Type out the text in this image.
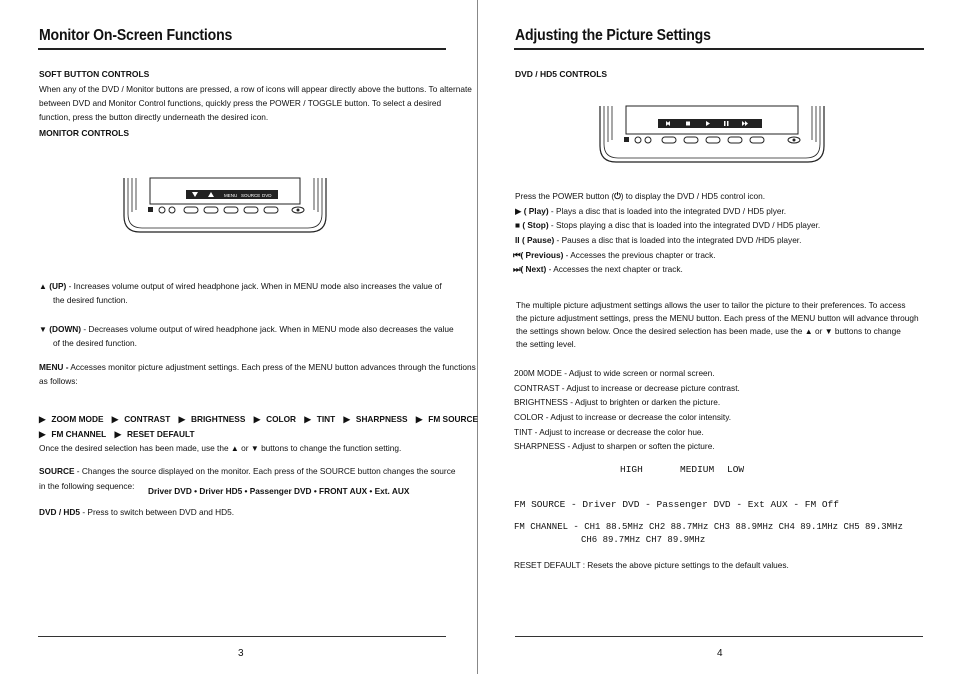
Monitor On-Screen Functions
SOFT BUTTON CONTROLS
When any of the DVD / Monitor buttons are pressed, a row of icons will appear directly above the buttons. To alternate
between DVD and Monitor Control functions, quickly press the POWER / TOGGLE button. To select a desired
function, press the button directly underneath the desired icon.
MONITOR CONTROLS
MENU SOURCE DVD
▲ (UP) - Increases volume output of wired headphone jack. When in MENU mode also increases the value of
the desired function.
▼ (DOWN) - Decreases volume output of wired headphone jack. When in MENU mode also decreases the value
of the desired function.
MENU - Accesses monitor picture adjustment settings. Each press of the MENU button advances through the functions
as follows:
▶ ZOOM MODE ▶ CONTRAST ▶ BRIGHTNESS ▶ COLOR ▶ TINT ▶ SHARPNESS ▶ FM SOURCE
▶ FM CHANNEL ▶ RESET DEFAULT
Once the desired selection has been made, use the ▲ or ▼ buttons to change the function setting.
SOURCE - Changes the source displayed on the monitor. Each press of the SOURCE button changes the source
in the following sequence: Driver DVD • Driver HD5 • Passenger DVD • FRONT AUX • Ext. AUX
DVD / HD5 - Press to switch between DVD and HD5.
3
Adjusting the Picture Settings
DVD / HD5 CONTROLS
Press the POWER button (⏻) to display the DVD / HD5 control icon.
▶ ( Play) - Plays a disc that is loaded into the integrated DVD / HD5 plyer.
■ ( Stop) - Stops playing a disc that is loaded into the integrated DVD / HD5 player.
II ( Pause) - Pauses a disc that is loaded into the integrated DVD /HD5 player.
⏮( Previous) - Accesses the previous chapter or track.
⏭( Next) - Accesses the next chapter or track.
The multiple picture adjustment settings allows the user to tailor the picture to their preferences. To access
the picture adjustment settings, press the MENU button. Each press of the MENU button will advance through
the settings shown below. Once the desired selection has been made, use the ▲ or ▼ buttons to change
the setting level.
200M MODE - Adjust to wide screen or normal screen.
CONTRAST - Adjust to increase or decrease picture contrast.
BRIGHTNESS - Adjust to brighten or darken the picture.
COLOR - Adjust to increase or decrease the color intensity.
TINT - Adjust to increase or decrease the color hue.
SHARPNESS - Adjust to sharpen or soften the picture.
HIGH	MEDIUM LOW
FM SOURCE - Driver DVD - Passenger DVD - Ext AUX - FM Off
FM CHANNEL - CH1 88.5MHz CH2 88.7MHz CH3 88.9MHz CH4 89.1MHz CH5 89.3MHz
CH6 89.7MHz CH7 89.9MHz
RESET DEFAULT : Resets the above picture settings to the default values.
4
